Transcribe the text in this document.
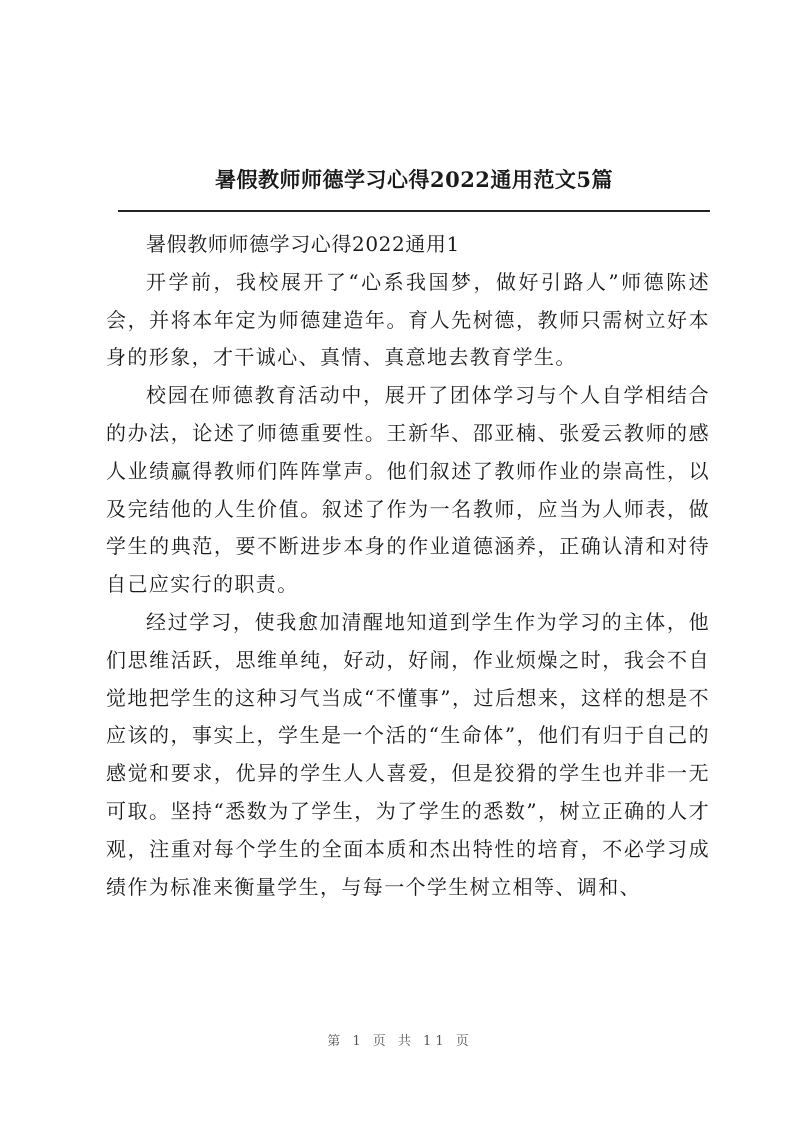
暑假教师师德学习心得2022通用范文5篇

暑假教师师德学习心得2022通用1

开学前，我校展开了“心系我国梦，做好引路人”师德陈述会，并将本年定为师德建造年。育人先树德，教师只需树立好本身的形象，才干诚心、真情、真意地去教育学生。

校园在师德教育活动中，展开了团体学习与个人自学相结合的办法，论述了师德重要性。王新华、邵亚楠、张爱云教师的感人业绩赢得教师们阵阵掌声。他们叙述了教师作业的崇高性，以及完结他的人生价值。叙述了作为一名教师，应当为人师表，做学生的典范，要不断进步本身的作业道德涵养，正确认清和对待自己应实行的职责。

经过学习，使我愈加清醒地知道到学生作为学习的主体，他们思维活跃，思维单纯，好动，好闹，作业烦燥之时，我会不自觉地把学生的这种习气当成“不懂事”，过后想来，这样的想是不应该的，事实上，学生是一个活的“生命体”，他们有归于自己的感觉和要求，优异的学生人人喜爱，但是狡猾的学生也并非一无可取。坚持“悉数为了学生，为了学生的悉数”，树立正确的人才观，注重对每个学生的全面本质和杰出特性的培育，不必学习成绩作为标准来衡量学生，与每一个学生树立相等、调和、

第 1 页 共 11 页
